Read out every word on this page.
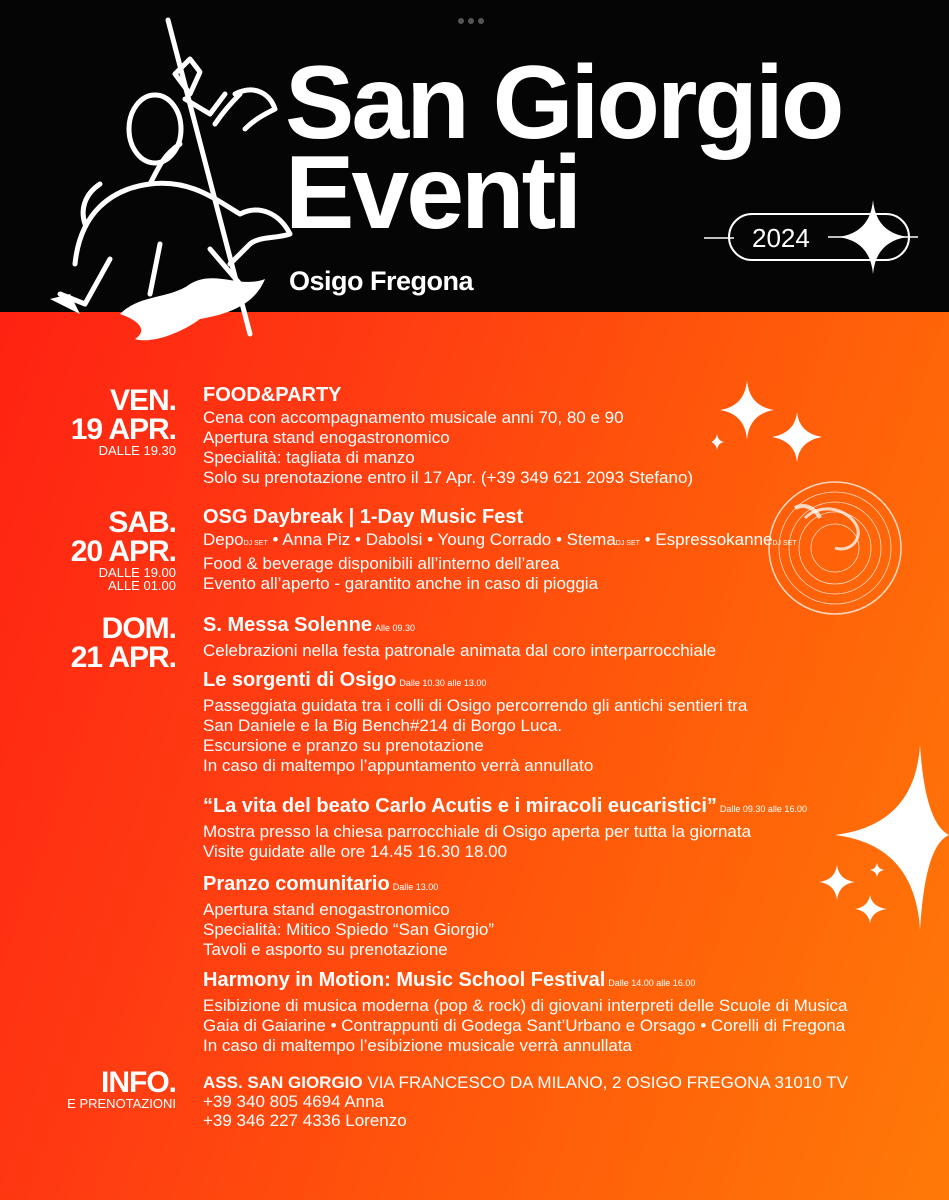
San Giorgio
Eventi
Osigo Fregona
2024
VEN.
19 APR.
DALLE 19.30
FOOD&PARTY

Cena con accompagnamento musicale anni 70, 80 e 90

Apertura stand enogastronomico

Specialità: tagliata di manzo

Solo su prenotazione entro il 17 Apr. (+39 349 621 2093 Stefano)

SAB.
20 APR.
DALLE 19.00
ALLE 01.00
OSG Daybreak | 1-Day Music Fest

DepoDJ SET • Anna Piz • Dabolsi • Young Corrado • StemaDJ SET • EspressokanneDJ SET

Food & beverage disponibili all’interno dell’area

Evento all’aperto - garantito anche in caso di pioggia

DOM.
21 APR.
S. Messa Solenne Alle 09.30

Celebrazioni nella festa patronale animata dal coro interparrocchiale

Le sorgenti di Osigo Dalle 10.30 alle 13.00

Passeggiata guidata tra i colli di Osigo percorrendo gli antichi sentieri tra

San Daniele e la Big Bench#214 di Borgo Luca.

Escursione e pranzo su prenotazione

In caso di maltempo l’appuntamento verrà annullato

“La vita del beato Carlo Acutis e i miracoli eucaristici” Dalle 09.30 alle 16.00

Mostra presso la chiesa parrocchiale di Osigo aperta per tutta la giornata

Visite guidate alle ore 14.45 16.30 18.00

Pranzo comunitario Dalle 13.00

Apertura stand enogastronomico

Specialità: Mitico Spiedo “San Giorgio”

Tavoli e asporto su prenotazione

Harmony in Motion: Music School Festival Dalle 14.00 alle 16.00

Esibizione di musica moderna (pop & rock) di giovani interpreti delle Scuole di Musica

Gaia di Gaiarine • Contrappunti di Godega Sant’Urbano e Orsago • Corelli di Fregona

In caso di maltempo l’esibizione musicale verrà annullata

INFO.
E PRENOTAZIONI
ASS. SAN GIORGIO VIA FRANCESCO DA MILANO, 2 OSIGO FREGONA 31010 TV
+39 340 805 4694 Anna
+39 346 227 4336 Lorenzo
